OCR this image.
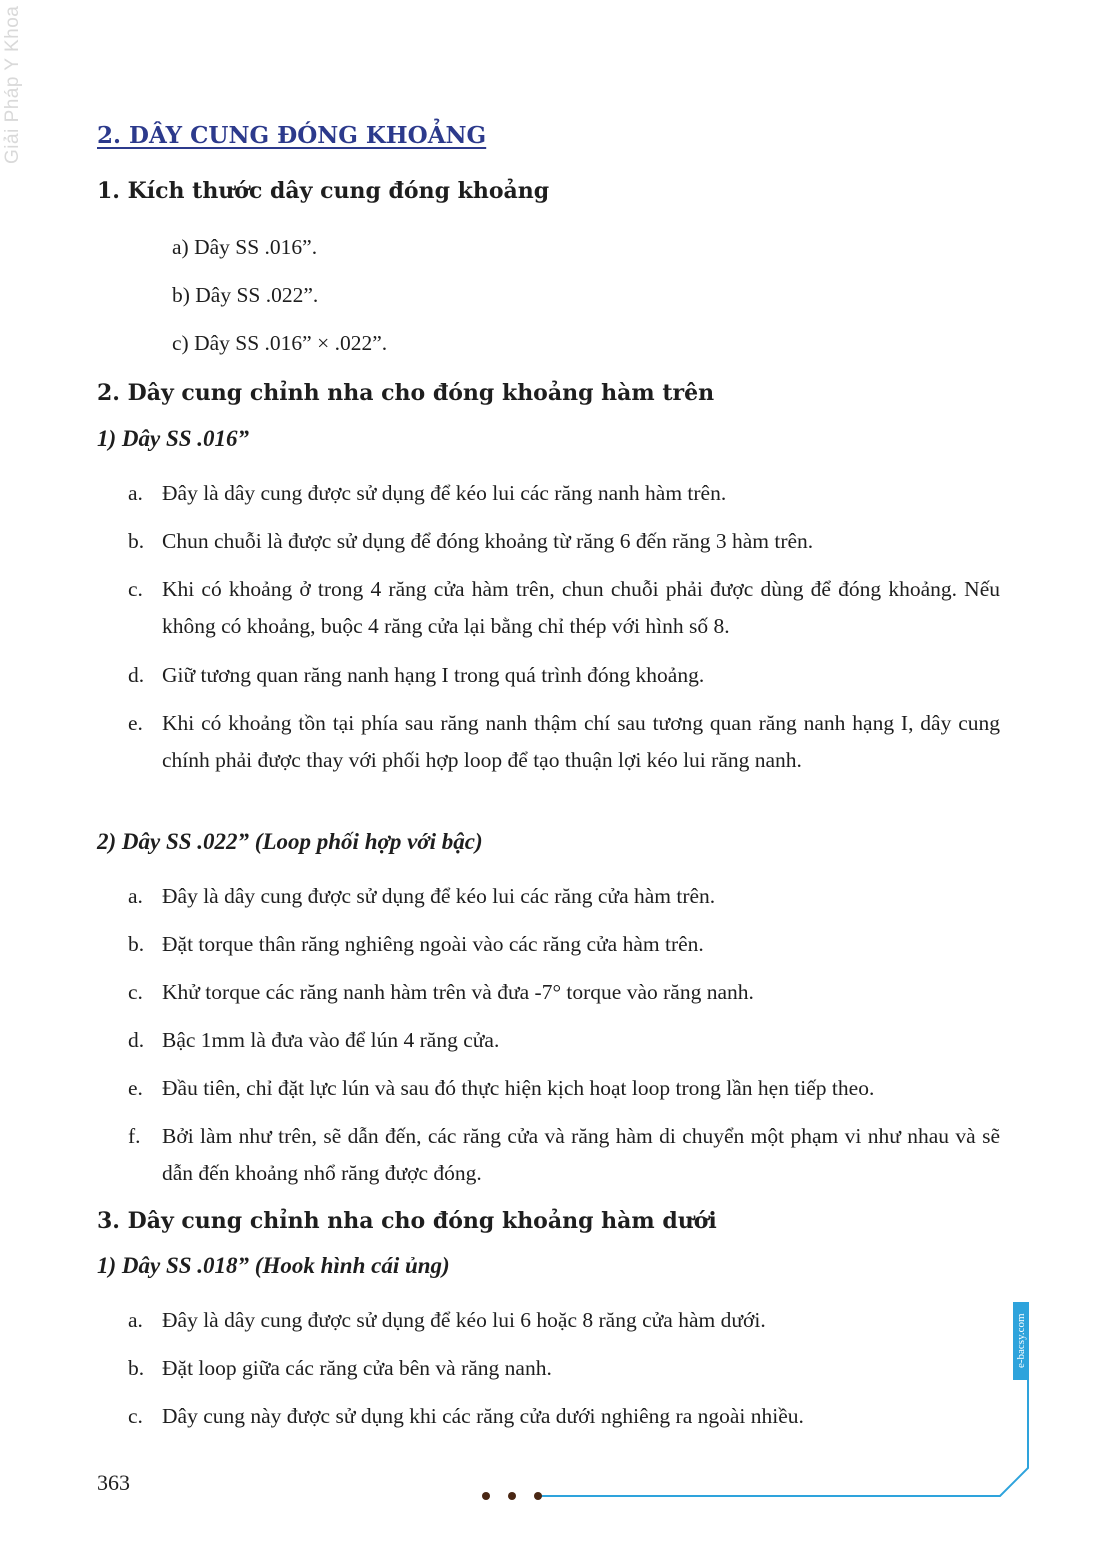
Giải Pháp Y Khoa	2. DÂY CUNG ĐÓNG KHOẢNG
1. Kích thước dây cung đóng khoảng
a) Dây SS .016”.
b) Dây SS .022”.
c) Dây SS .016” × .022”.
2. Dây cung chỉnh nha cho đóng khoảng hàm trên
1) Dây SS .016”
a. Đây là dây cung được sử dụng để kéo lui các răng nanh hàm trên.
b. Chun chuỗi là được sử dụng để đóng khoảng từ răng 6 đến răng 3 hàm trên.
c. Khi có khoảng ở trong 4 răng cửa hàm trên, chun chuỗi phải được dùng để đóng khoảng. Nếu không có khoảng, buộc 4 răng cửa lại bằng chỉ thép với hình số 8.
d. Giữ tương quan răng nanh hạng I trong quá trình đóng khoảng.
e. Khi có khoảng tồn tại phía sau răng nanh thậm chí sau tương quan răng nanh hạng I, dây cung chính phải được thay với phối hợp loop để tạo thuận lợi kéo lui răng nanh.
2) Dây SS .022” (Loop phối hợp với bậc)
a. Đây là dây cung được sử dụng để kéo lui các răng cửa hàm trên.
b. Đặt torque thân răng nghiêng ngoài vào các răng cửa hàm trên.
c. Khử torque các răng nanh hàm trên và đưa -7° torque vào răng nanh.
d. Bậc 1mm là đưa vào để lún 4 răng cửa.
e. Đầu tiên, chỉ đặt lực lún và sau đó thực hiện kịch hoạt loop trong lần hẹn tiếp theo.
f. Bởi làm như trên, sẽ dẫn đến, các răng cửa và răng hàm di chuyển một phạm vi như nhau và sẽ dẫn đến khoảng nhổ răng được đóng.
3. Dây cung chỉnh nha cho đóng khoảng hàm dưới
1) Dây SS .018” (Hook hình cái ủng)
a. Đây là dây cung được sử dụng để kéo lui 6 hoặc 8 răng cửa hàm dưới.
b. Đặt loop giữa các răng cửa bên và răng nanh.
c. Dây cung này được sử dụng khi các răng cửa dưới nghiêng ra ngoài nhiều.
e-bacsy.com
363
